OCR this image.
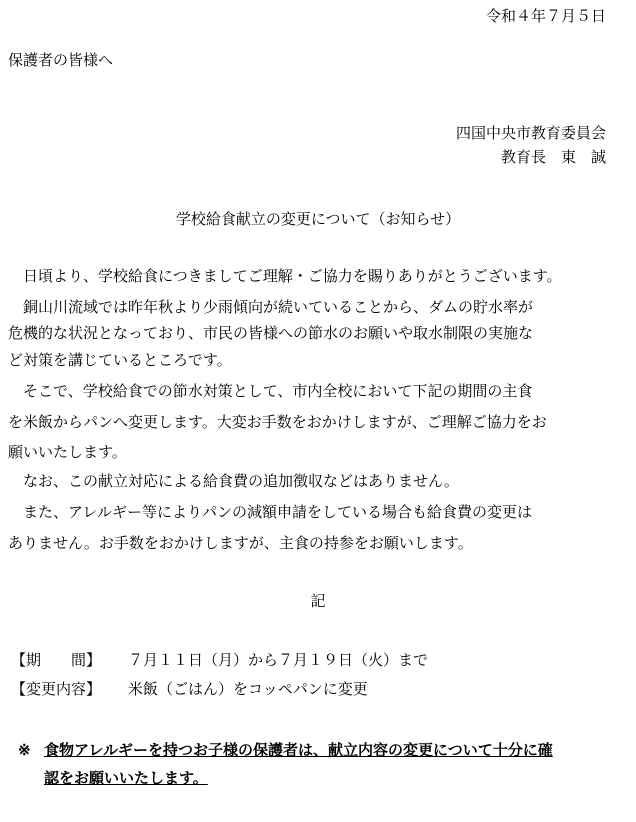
令和４年７月５日
保護者の皆様へ
四国中央市教育委員会
教育長　東　誠
学校給食献立の変更について（お知らせ）
　日頃より、学校給食につきましてご理解・ご協力を賜りありがとうございます。
　銅山川流域では昨年秋より少雨傾向が続いていることから、ダムの貯水率が
危機的な状況となっており、市民の皆様への節水のお願いや取水制限の実施な
ど対策を講じているところです。
　そこで、学校給食での節水対策として、市内全校において下記の期間の主食
を米飯からパンへ変更します。大変お手数をおかけしますが、ご理解ご協力をお
願いいたします。
　なお、この献立対応による給食費の追加徴収などはありません。
　また、アレルギー等によりパンの減額申請をしている場合も給食費の変更は
ありません。お手数をおかけしますが、主食の持参をお願いします。
記
【期　　間】 ７月１１日（月）から７月１９日（火）まで
【変更内容】 米飯（ごはん）をコッペパンに変更
※ 食物アレルギーを持つお子様の保護者は、献立内容の変更について十分に確
認をお願いいたします。
